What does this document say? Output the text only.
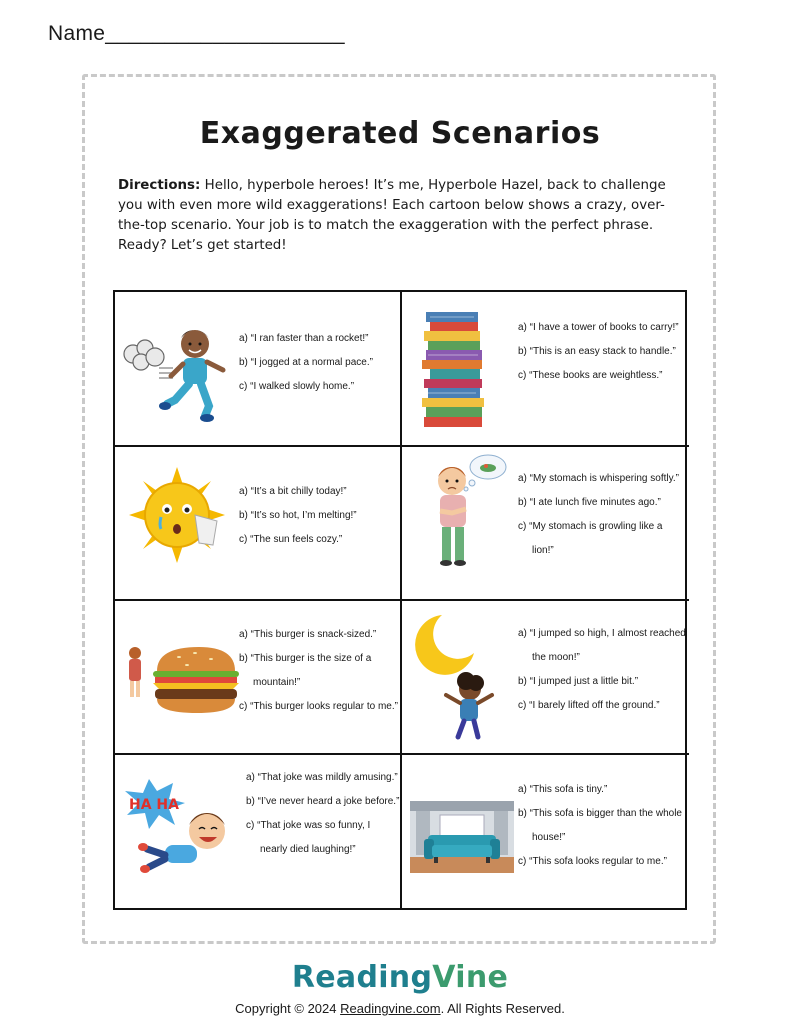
Name____________________
Exaggerated Scenarios
Directions: Hello, hyperbole heroes! It’s me, Hyperbole Hazel, back to challenge you with even more wild exaggerations! Each cartoon below shows a crazy, over-the-top scenario. Your job is to match the exaggeration with the perfect phrase. Ready? Let’s get started!
a) “I ran faster than a rocket!”
b) “I jogged at a normal pace.”
c) “I walked slowly home.”
a) “I have a tower of books to carry!”
b) “This is an easy stack to handle.”
c) “These books are weightless.”
a) “It’s a bit chilly today!”
b) “It’s so hot, I’m melting!”
c) “The sun feels cozy.”
a) “My stomach is whispering softly.”
b) “I ate lunch five minutes ago.”
c) “My stomach is growling like a lion!”
a) “This burger is snack-sized.”
b) “This burger is the size of a mountain!”
c) “This burger looks regular to me.”
a) “I jumped so high, I almost reached the moon!”
b) “I jumped just a little bit.”
c) “I barely lifted off the ground.”
HA HA
a) “That joke was mildly amusing.”
b) “I’ve never heard a joke before.”
c) “That joke was so funny, I nearly died laughing!”
a) “This sofa is tiny.”
b) “This sofa is bigger than the whole house!”
c) “This sofa looks regular to me.”
ReadingVine
Copyright © 2024 Readingvine.com. All Rights Reserved.
